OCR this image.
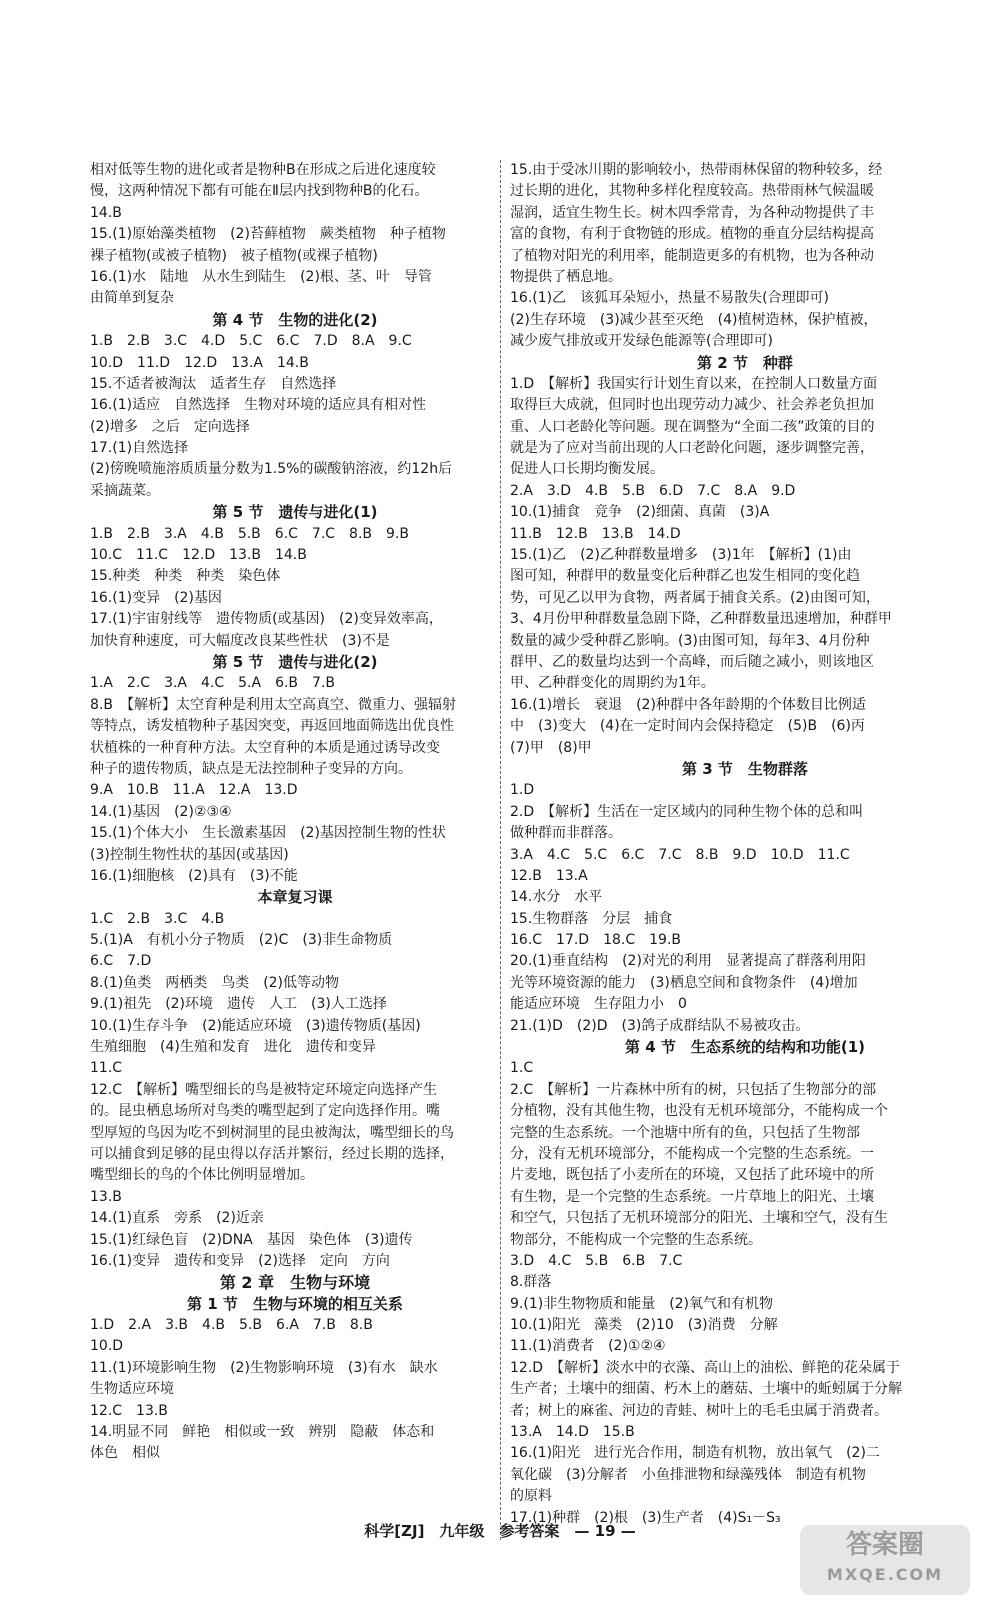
相对低等生物的进化或者是物种B在形成之后进化速度较
慢，这两种情况下都有可能在Ⅱ层内找到物种B的化石。
14.B
15.(1)原始藻类植物　(2)苔藓植物　蕨类植物　种子植物
裸子植物(或被子植物)　被子植物(或裸子植物)
16.(1)水　陆地　从水生到陆生　(2)根、茎、叶　导管
由简单到复杂
第 4 节　生物的进化(2)
1.B　2.B　3.C　4.D　5.C　6.C　7.D　8.A　9.C
10.D　11.D　12.D　13.A　14.B
15.不适者被淘汰　适者生存　自然选择
16.(1)适应　自然选择　生物对环境的适应具有相对性
(2)增多　之后　定向选择
17.(1)自然选择
(2)傍晚喷施溶质质量分数为1.5%的碳酸钠溶液，约12h后
采摘蔬菜。
第 5 节　遗传与进化(1)
1.B　2.B　3.A　4.B　5.B　6.C　7.C　8.B　9.B
10.C　11.C　12.D　13.B　14.B
15.种类　种类　种类　染色体
16.(1)变异　(2)基因
17.(1)宇宙射线等　遗传物质(或基因)　(2)变异效率高，
加快育种速度，可大幅度改良某些性状　(3)不是
第 5 节　遗传与进化(2)
1.A　2.C　3.A　4.C　5.A　6.B　7.B
8.B　【解析】太空育种是利用太空高真空、微重力、强辐射
等特点，诱发植物种子基因突变，再返回地面筛选出优良性
状植株的一种育种方法。太空育种的本质是通过诱导改变
种子的遗传物质，缺点是无法控制种子变异的方向。
9.A　10.B　11.A　12.A　13.D
14.(1)基因　(2)②③④
15.(1)个体大小　生长激素基因　(2)基因控制生物的性状
(3)控制生物性状的基因(或基因)
16.(1)细胞核　(2)具有　(3)不能
本章复习课
1.C　2.B　3.C　4.B
5.(1)A　有机小分子物质　(2)C　(3)非生命物质
6.C　7.D
8.(1)鱼类　两栖类　鸟类　(2)低等动物
9.(1)祖先　(2)环境　遗传　人工　(3)人工选择
10.(1)生存斗争　(2)能适应环境　(3)遗传物质(基因)
生殖细胞　(4)生殖和发育　进化　遗传和变异
11.C
12.C　【解析】嘴型细长的鸟是被特定环境定向选择产生
的。昆虫栖息场所对鸟类的嘴型起到了定向选择作用。嘴
型厚短的鸟因为吃不到树洞里的昆虫被淘汰，嘴型细长的鸟
可以捕食到足够的昆虫得以存活并繁衍，经过长期的选择，
嘴型细长的鸟的个体比例明显增加。
13.B
14.(1)直系　旁系　(2)近亲
15.(1)红绿色盲　(2)DNA　基因　染色体　(3)遗传
16.(1)变异　遗传和变异　(2)选择　定向　方向
第 2 章　生物与环境
第 1 节　生物与环境的相互关系
1.D　2.A　3.B　4.B　5.B　6.A　7.B　8.B
10.D
11.(1)环境影响生物　(2)生物影响环境　(3)有水　缺水
生物适应环境
12.C　13.B
14.明显不同　鲜艳　相似或一致　辨别　隐蔽　体态和
体色　相似
15.由于受冰川期的影响较小，热带雨林保留的物种较多，经
过长期的进化，其物种多样化程度较高。热带雨林气候温暖
湿润，适宜生物生长。树木四季常青，为各种动物提供了丰
富的食物，有利于食物链的形成。植物的垂直分层结构提高
了植物对阳光的利用率，能制造更多的有机物，也为各种动
物提供了栖息地。
16.(1)乙　该狐耳朵短小，热量不易散失(合理即可)
(2)生存环境　(3)减少甚至灭绝　(4)植树造林，保护植被，
减少废气排放或开发绿色能源等(合理即可)
第 2 节　种群
1.D　【解析】我国实行计划生育以来，在控制人口数量方面
取得巨大成就，但同时也出现劳动力减少、社会养老负担加
重、人口老龄化等问题。现在调整为“全面二孩”政策的目的
就是为了应对当前出现的人口老龄化问题，逐步调整完善，
促进人口长期均衡发展。
2.A　3.D　4.B　5.B　6.D　7.C　8.A　9.D
10.(1)捕食　竞争　(2)细菌、真菌　(3)A
11.B　12.B　13.B　14.D
15.(1)乙　(2)乙种群数量增多　(3)1年　【解析】(1)由
图可知，种群甲的数量变化后种群乙也发生相同的变化趋
势，可见乙以甲为食物，两者属于捕食关系。(2)由图可知，
3、4月份甲种群数量急剧下降，乙种群数量迅速增加，种群甲
数量的减少受种群乙影响。(3)由图可知，每年3、4月份种
群甲、乙的数量均达到一个高峰，而后随之减小，则该地区
甲、乙种群变化的周期约为1年。
16.(1)增长　衰退　(2)种群中各年龄期的个体数目比例适
中　(3)变大　(4)在一定时间内会保持稳定　(5)B　(6)丙
(7)甲　(8)甲
第 3 节　生物群落
1.D
2.D　【解析】生活在一定区域内的同种生物个体的总和叫
做种群而非群落。
3.A　4.C　5.C　6.C　7.C　8.B　9.D　10.D　11.C
12.B　13.A
14.水分　水平
15.生物群落　分层　捕食
16.C　17.D　18.C　19.B
20.(1)垂直结构　(2)对光的利用　显著提高了群落利用阳
光等环境资源的能力　(3)栖息空间和食物条件　(4)增加
能适应环境　生存阻力小　0
21.(1)D　(2)D　(3)鸽子成群结队不易被攻击。
第 4 节　生态系统的结构和功能(1)
1.C
2.C　【解析】一片森林中所有的树，只包括了生物部分的部
分植物，没有其他生物，也没有无机环境部分，不能构成一个
完整的生态系统。一个池塘中所有的鱼，只包括了生物部
分，没有无机环境部分，不能构成一个完整的生态系统。一
片麦地，既包括了小麦所在的环境，又包括了此环境中的所
有生物，是一个完整的生态系统。一片草地上的阳光、土壤
和空气，只包括了无机环境部分的阳光、土壤和空气，没有生
物部分，不能构成一个完整的生态系统。
3.D　4.C　5.B　6.B　7.C
8.群落
9.(1)非生物物质和能量　(2)氧气和有机物
10.(1)阳光　藻类　(2)10　(3)消费　分解
11.(1)消费者　(2)①②④
12.D　【解析】淡水中的衣藻、高山上的油松、鲜艳的花朵属于
生产者；土壤中的细菌、朽木上的蘑菇、土壤中的蚯蚓属于分解
者；树上的麻雀、河边的青蛙、树叶上的毛毛虫属于消费者。
13.A　14.D　15.B
16.(1)阳光　进行光合作用，制造有机物，放出氧气　(2)二
氧化碳　(3)分解者　小鱼排泄物和绿藻残体　制造有机物
的原料
17.(1)种群　(2)根　(3)生产者　(4)S₁－S₃
科学[ZJ]　九年级　参考答案　— 19 —	答案圈
MXQE.COM
